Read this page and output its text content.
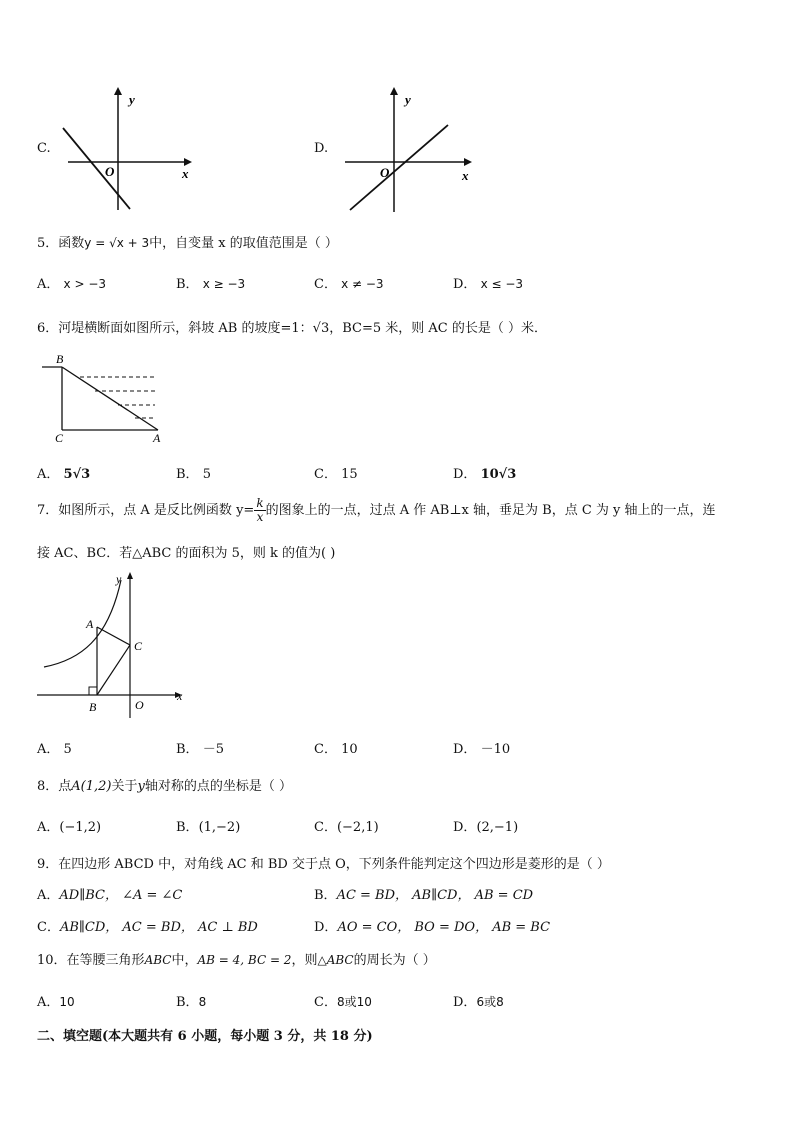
C.
y
x
O
y
x
O
D.
5．函数y = √x + 3中，自变量 x 的取值范围是（ ）
A． x > −3	B． x ≥ −3	C． x ≠ −3	D． x ≤ −3
6．河堤横断面如图所示，斜坡 AB 的坡度=1：√3，BC=5 米，则 AC 的长是（ ）米．
B
C	A
A． 5√3	B． 5	C． 15	D． 10√3
7．如图所示，点 A 是反比例函数 $y= \frac{k}{x}$ 的图象上的一点，过点 A 作 AB⊥x 轴，垂足为 B，点 C 为 y 轴上的一点，连
接 AC、BC．若△ABC 的面积为 5，则 k 的值为( )
y
x
A
C
B	O
A． 5	B． －5	C． 10	D． －10
8．点A(1,2)关于y轴对称的点的坐标是（ ）
A．(−1,2)	B．(1,−2)	C．(−2,1)	D．(2,−1)
9．在四边形 ABCD 中，对角线 AC 和 BD 交于点 O，下列条件能判定这个四边形是菱形的是（ ）
A．AD∥BC， ∠A = ∠C	B．AC = BD， AB∥CD， AB = CD
C．AB∥CD， AC = BD， AC ⊥ BD	D．AO = CO， BO = DO， AB = BC
10．在等腰三角形ABC中，AB = 4, BC = 2，则△ABC的周长为（ ）
A．10	B．8	C．8或10	D．6或8
二、填空题(本大题共有 6 小题，每小题 3 分，共 18 分)
